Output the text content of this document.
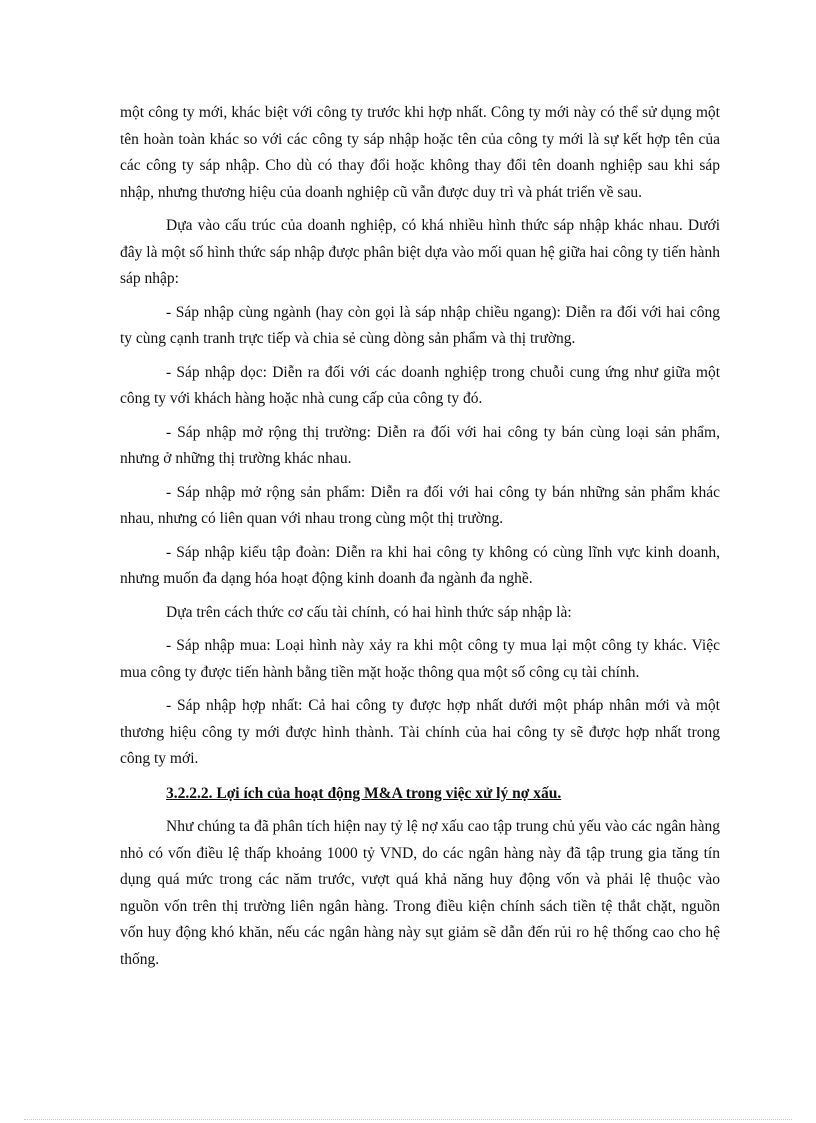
một công ty mới, khác biệt với công ty trước khi hợp nhất. Công ty mới này có thể sử dụng một tên hoàn toàn khác so với các công ty sáp nhập hoặc tên của công ty mới là sự kết hợp tên của các công ty sáp nhập. Cho dù có thay đổi hoặc không thay đổi tên doanh nghiệp sau khi sáp nhập, nhưng thương hiệu của doanh nghiệp cũ vẫn được duy trì và phát triển về sau.

Dựa vào cấu trúc của doanh nghiệp, có khá nhiều hình thức sáp nhập khác nhau. Dưới đây là một số hình thức sáp nhập được phân biệt dựa vào mối quan hệ giữa hai công ty tiến hành sáp nhập:

- Sáp nhập cùng ngành (hay còn gọi là sáp nhập chiều ngang): Diễn ra đối với hai công ty cùng cạnh tranh trực tiếp và chia sẻ cùng dòng sản phẩm và thị trường.

- Sáp nhập dọc: Diễn ra đối với các doanh nghiệp trong chuỗi cung ứng như giữa một công ty với khách hàng hoặc nhà cung cấp của công ty đó.

- Sáp nhập mở rộng thị trường: Diễn ra đối với hai công ty bán cùng loại sản phẩm, nhưng ở những thị trường khác nhau.

- Sáp nhập mở rộng sản phẩm: Diễn ra đối với hai công ty bán những sản phẩm khác nhau, nhưng có liên quan với nhau trong cùng một thị trường.

- Sáp nhập kiểu tập đoàn: Diễn ra khi hai công ty không có cùng lĩnh vực kinh doanh, nhưng muốn đa dạng hóa hoạt động kinh doanh đa ngành đa nghề.

Dựa trên cách thức cơ cấu tài chính, có hai hình thức sáp nhập là:

- Sáp nhập mua: Loại hình này xảy ra khi một công ty mua lại một công ty khác. Việc mua công ty được tiến hành bằng tiền mặt hoặc thông qua một số công cụ tài chính.

- Sáp nhập hợp nhất: Cả hai công ty được hợp nhất dưới một pháp nhân mới và một thương hiệu công ty mới được hình thành. Tài chính của hai công ty sẽ được hợp nhất trong công ty mới.

3.2.2.2. Lợi ích của hoạt động M&A trong việc xử lý nợ xấu.

Như chúng ta đã phân tích hiện nay tỷ lệ nợ xấu cao tập trung chủ yếu vào các ngân hàng nhỏ có vốn điều lệ thấp khoảng 1000 tỷ VND, do các ngân hàng này đã tập trung gia tăng tín dụng quá mức trong các năm trước, vượt quá khả năng huy động vốn và phải lệ thuộc vào nguồn vốn trên thị trường liên ngân hàng. Trong điều kiện chính sách tiền tệ thắt chặt, nguồn vốn huy động khó khăn, nếu các ngân hàng này sụt giảm sẽ dẫn đến rủi ro hệ thống cao cho hệ thống.
